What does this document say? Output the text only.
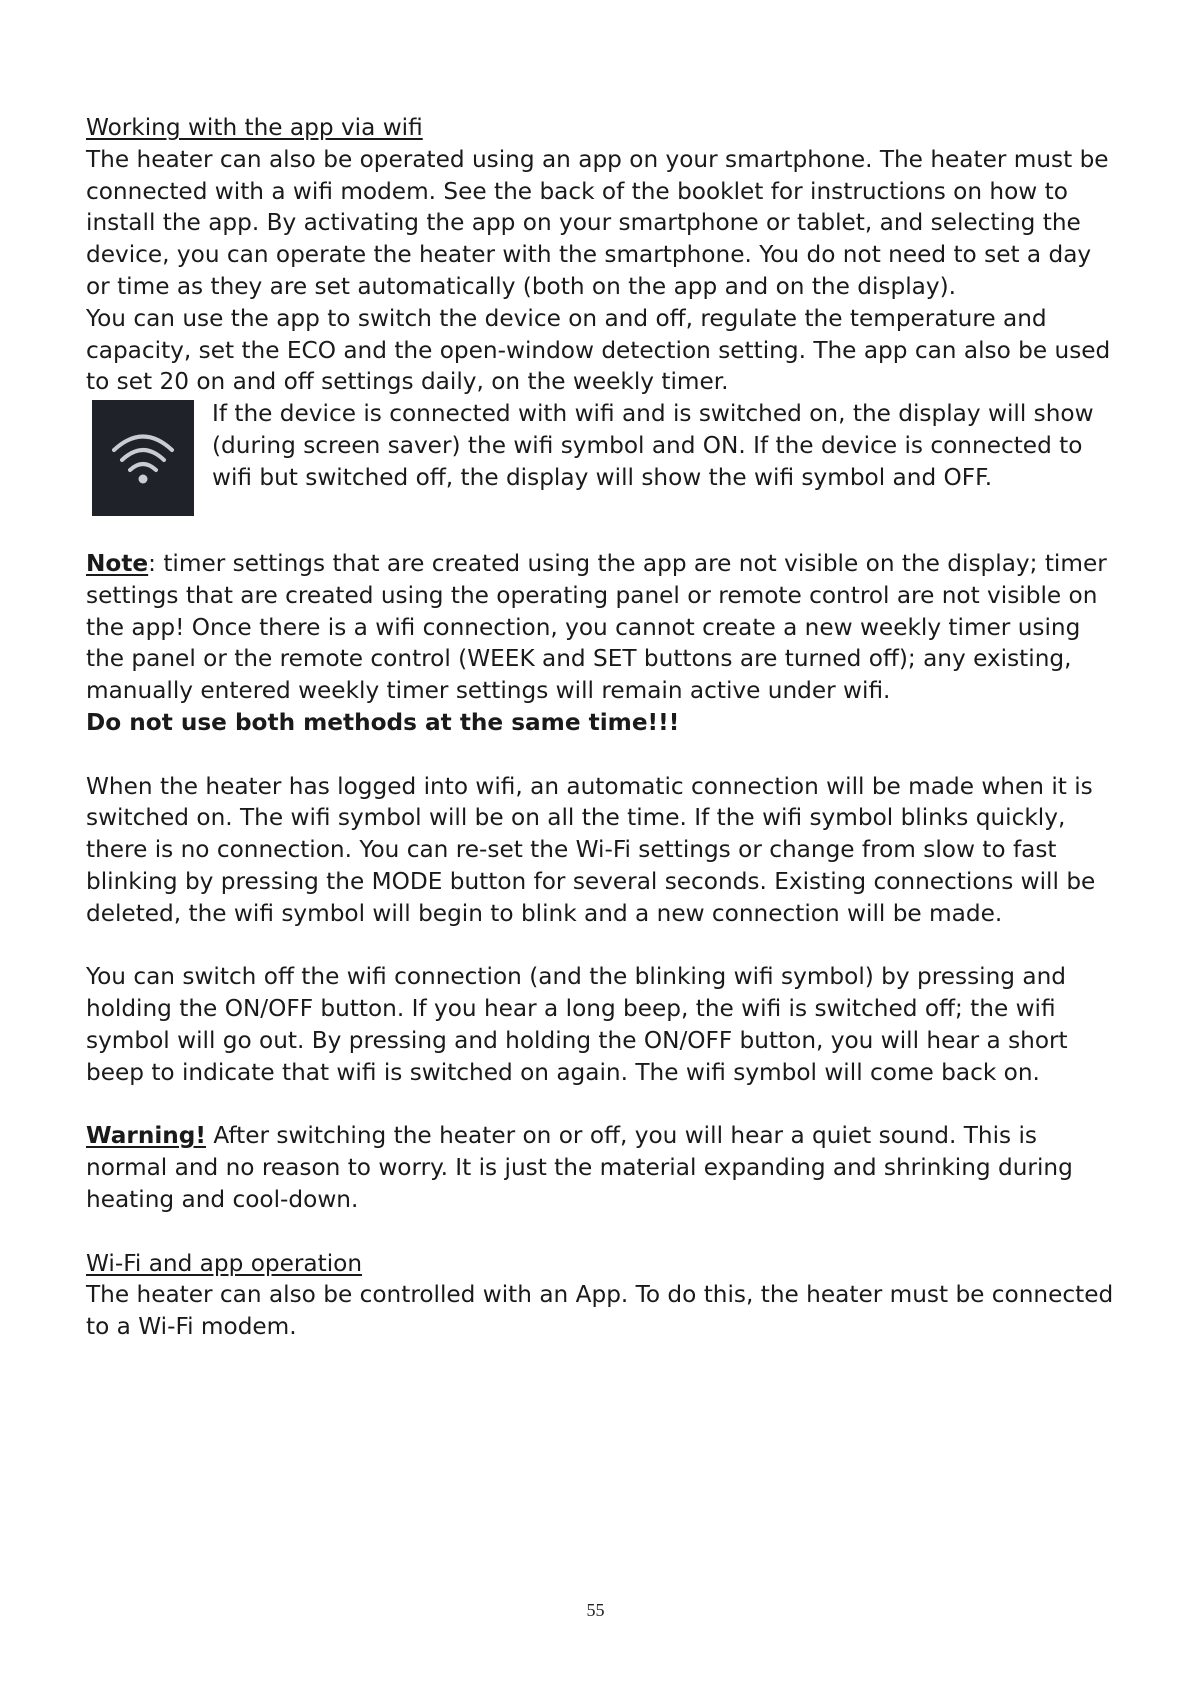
Working with the app via wifi

The heater can also be operated using an app on your smartphone. The heater must be connected with a wifi modem. See the back of the booklet for instructions on how to install the app. By activating the app on your smartphone or tablet, and selecting the device, you can operate the heater with the smartphone. You do not need to set a day or time as they are set automatically (both on the app and on the display).

You can use the app to switch the device on and off, regulate the temperature and capacity, set the ECO and the open-window detection setting. The app can also be used to set 20 on and off settings daily, on the weekly timer.

If the device is connected with wifi and is switched on, the display will show (during screen saver) the wifi symbol and ON. If the device is connected to wifi but switched off, the display will show the wifi symbol and OFF.

Note: timer settings that are created using the app are not visible on the display; timer settings that are created using the operating panel or remote control are not visible on the app! Once there is a wifi connection, you cannot create a new weekly timer using the panel or the remote control (WEEK and SET buttons are turned off); any existing, manually entered weekly timer settings will remain active under wifi.

Do not use both methods at the same time!!!

When the heater has logged into wifi, an automatic connection will be made when it is switched on. The wifi symbol will be on all the time. If the wifi symbol blinks quickly, there is no connection. You can re-set the Wi-Fi settings or change from slow to fast blinking by pressing the MODE button for several seconds. Existing connections will be deleted, the wifi symbol will begin to blink and a new connection will be made.

You can switch off the wifi connection (and the blinking wifi symbol) by pressing and holding the ON/OFF button. If you hear a long beep, the wifi is switched off; the wifi symbol will go out. By pressing and holding the ON/OFF button, you will hear a short beep to indicate that wifi is switched on again. The wifi symbol will come back on.

Warning! After switching the heater on or off, you will hear a quiet sound. This is normal and no reason to worry. It is just the material expanding and shrinking during heating and cool-down.

Wi-Fi and app operation

The heater can also be controlled with an App. To do this, the heater must be connected to a Wi-Fi modem.

55
